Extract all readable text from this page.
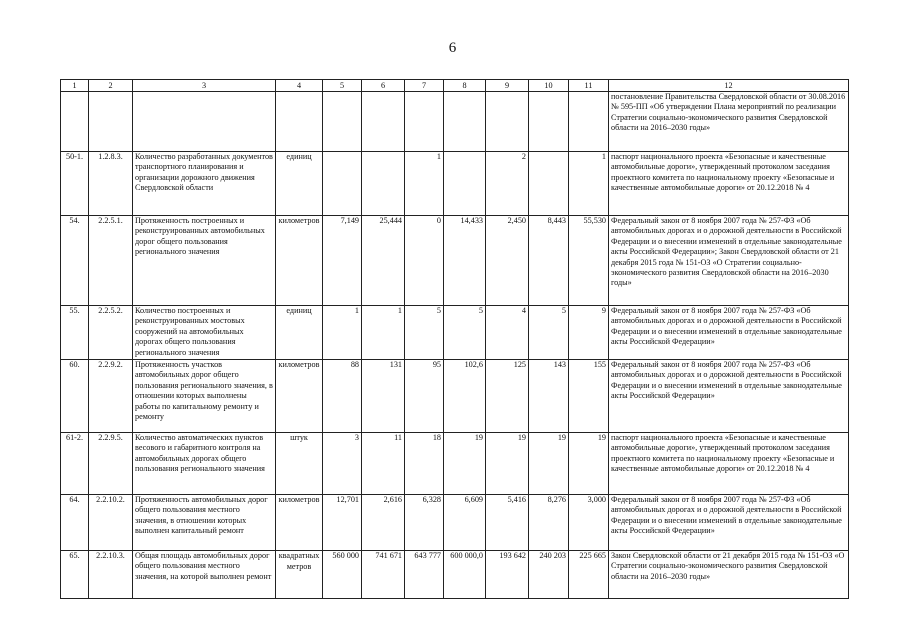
6
1	2	3	4	5	6	7	8	9	10	11	12
											постановление Правительства Свердловской области от 30.08.2016 № 595-ПП «Об утверждении Плана мероприятий по реализации Стратегии социально-экономического развития Свердловской области на 2016–2030 годы»
50-1.	1.2.8.3.	Количество разработанных документов транспортного планирования и организации дорожного движения Свердловской области	единиц			1		2		1	паспорт национального проекта «Безопасные и качественные автомобильные дороги», утвержденный протоколом заседания проектного комитета по национальному проекту «Безопасные и качественные автомобильные дороги» от 20.12.2018 № 4
54.	2.2.5.1.	Протяженность построенных и реконструированных автомобильных дорог общего пользования регионального значения	километров	7,149	25,444	0	14,433	2,450	8,443	55,530	Федеральный закон от 8 ноября 2007 года № 257-ФЗ «Об автомобильных дорогах и о дорожной деятельности в Российской Федерации и о внесении изменений в отдельные законодательные акты Российской Федерации»; Закон Свердловской области от 21 декабря 2015 года № 151-ОЗ «О Стратегии социально-экономического развития Свердловской области на 2016–2030 годы»
55.	2.2.5.2.	Количество построенных и реконструированных мостовых сооружений на автомобильных дорогах общего пользования регионального значения	единиц	1	1	5	5	4	5	9	Федеральный закон от 8 ноября 2007 года № 257-ФЗ «Об автомобильных дорогах и о дорожной деятельности в Российской Федерации и о внесении изменений в отдельные законодательные акты Российской Федерации»
60.	2.2.9.2.	Протяженность участков автомобильных дорог общего пользования регионального значения, в отношении которых выполнены работы по капитальному ремонту и ремонту	километров	88	131	95	102,6	125	143	155	Федеральный закон от 8 ноября 2007 года № 257-ФЗ «Об автомобильных дорогах и о дорожной деятельности в Российской Федерации и о внесении изменений в отдельные законодательные акты Российской Федерации»
61-2.	2.2.9.5.	Количество автоматических пунктов весового и габаритного контроля на автомобильных дорогах общего пользования регионального значения	штук	3	11	18	19	19	19	19	паспорт национального проекта «Безопасные и качественные автомобильные дороги», утвержденный протоколом заседания проектного комитета по национальному проекту «Безопасные и качественные автомобильные дороги» от 20.12.2018 № 4
64.	2.2.10.2.	Протяженность автомобильных дорог общего пользования местного значения, в отношении которых выполнен капитальный ремонт	километров	12,701	2,616	6,328	6,609	5,416	8,276	3,000	Федеральный закон от 8 ноября 2007 года № 257-ФЗ «Об автомобильных дорогах и о дорожной деятельности в Российской Федерации и о внесении изменений в отдельные законодательные акты Российской Федерации»
65.	2.2.10.3.	Общая площадь автомобильных дорог общего пользования местного значения, на которой выполнен ремонт	квадратных метров	560 000	741 671	643 777	600 000,0	193 642	240 203	225 665	Закон Свердловской области от 21 декабря 2015 года № 151-ОЗ «О Стратегии социально-экономического развития Свердловской области на 2016–2030 годы»
